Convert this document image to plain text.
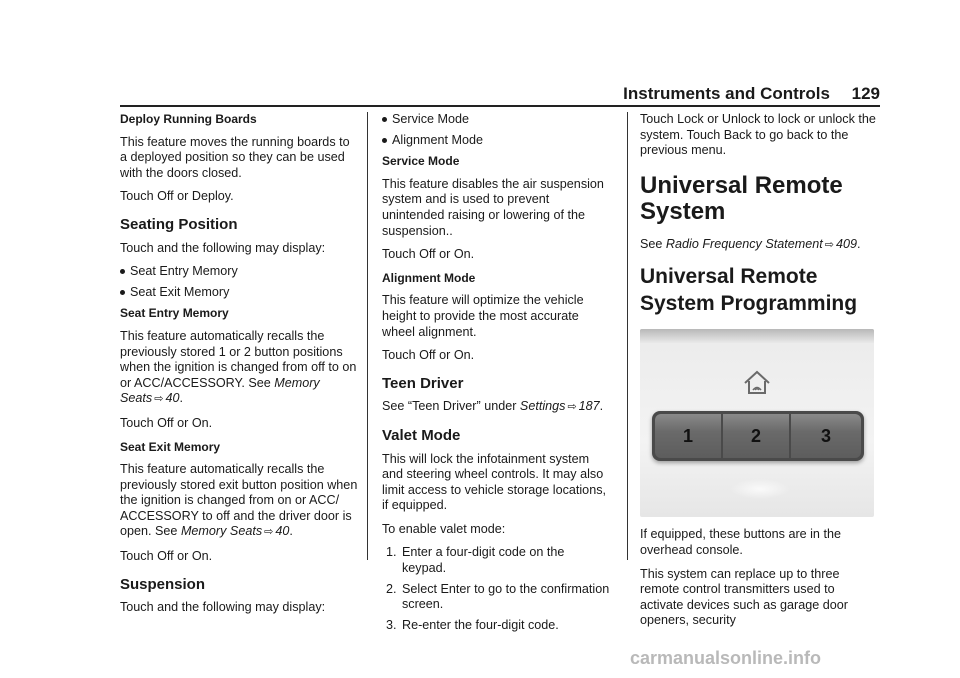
Instruments and Controls	129
Deploy Running Boards

This feature moves the running boards to a deployed position so they can be used with the doors closed.

Touch Off or Deploy.

Seating Position

Touch and the following may display:

Seat Entry Memory
Seat Exit Memory
Seat Entry Memory

This feature automatically recalls the previously stored 1 or 2 button positions when the ignition is changed from off to on or ACC/ACCESSORY. See Memory Seats ⇨ 40.

Touch Off or On.

Seat Exit Memory

This feature automatically recalls the previously stored exit button position when the ignition is changed from on or ACC/ ACCESSORY to off and the driver door is open. See Memory Seats ⇨ 40.

Touch Off or On.

Suspension

Touch and the following may display:

Service Mode
Alignment Mode
Service Mode

This feature disables the air suspension system and is used to prevent unintended raising or lowering of the suspension..

Touch Off or On.

Alignment Mode

This feature will optimize the vehicle height to provide the most accurate wheel alignment.

Touch Off or On.

Teen Driver

See “Teen Driver” under Settings ⇨ 187.

Valet Mode

This will lock the infotainment system and steering wheel controls. It may also limit access to vehicle storage locations, if equipped.

To enable valet mode:

1. Enter a four-digit code on the keypad.
2. Select Enter to go to the confirmation screen.
3. Re-enter the four-digit code.

Touch Lock or Unlock to lock or unlock the system. Touch Back to go back to the previous menu.

Universal Remote System

See Radio Frequency Statement ⇨ 409.

Universal Remote System Programming
1	2	3

If equipped, these buttons are in the overhead console.

This system can replace up to three remote control transmitters used to activate devices such as garage door openers, security

carmanualsonline.info
